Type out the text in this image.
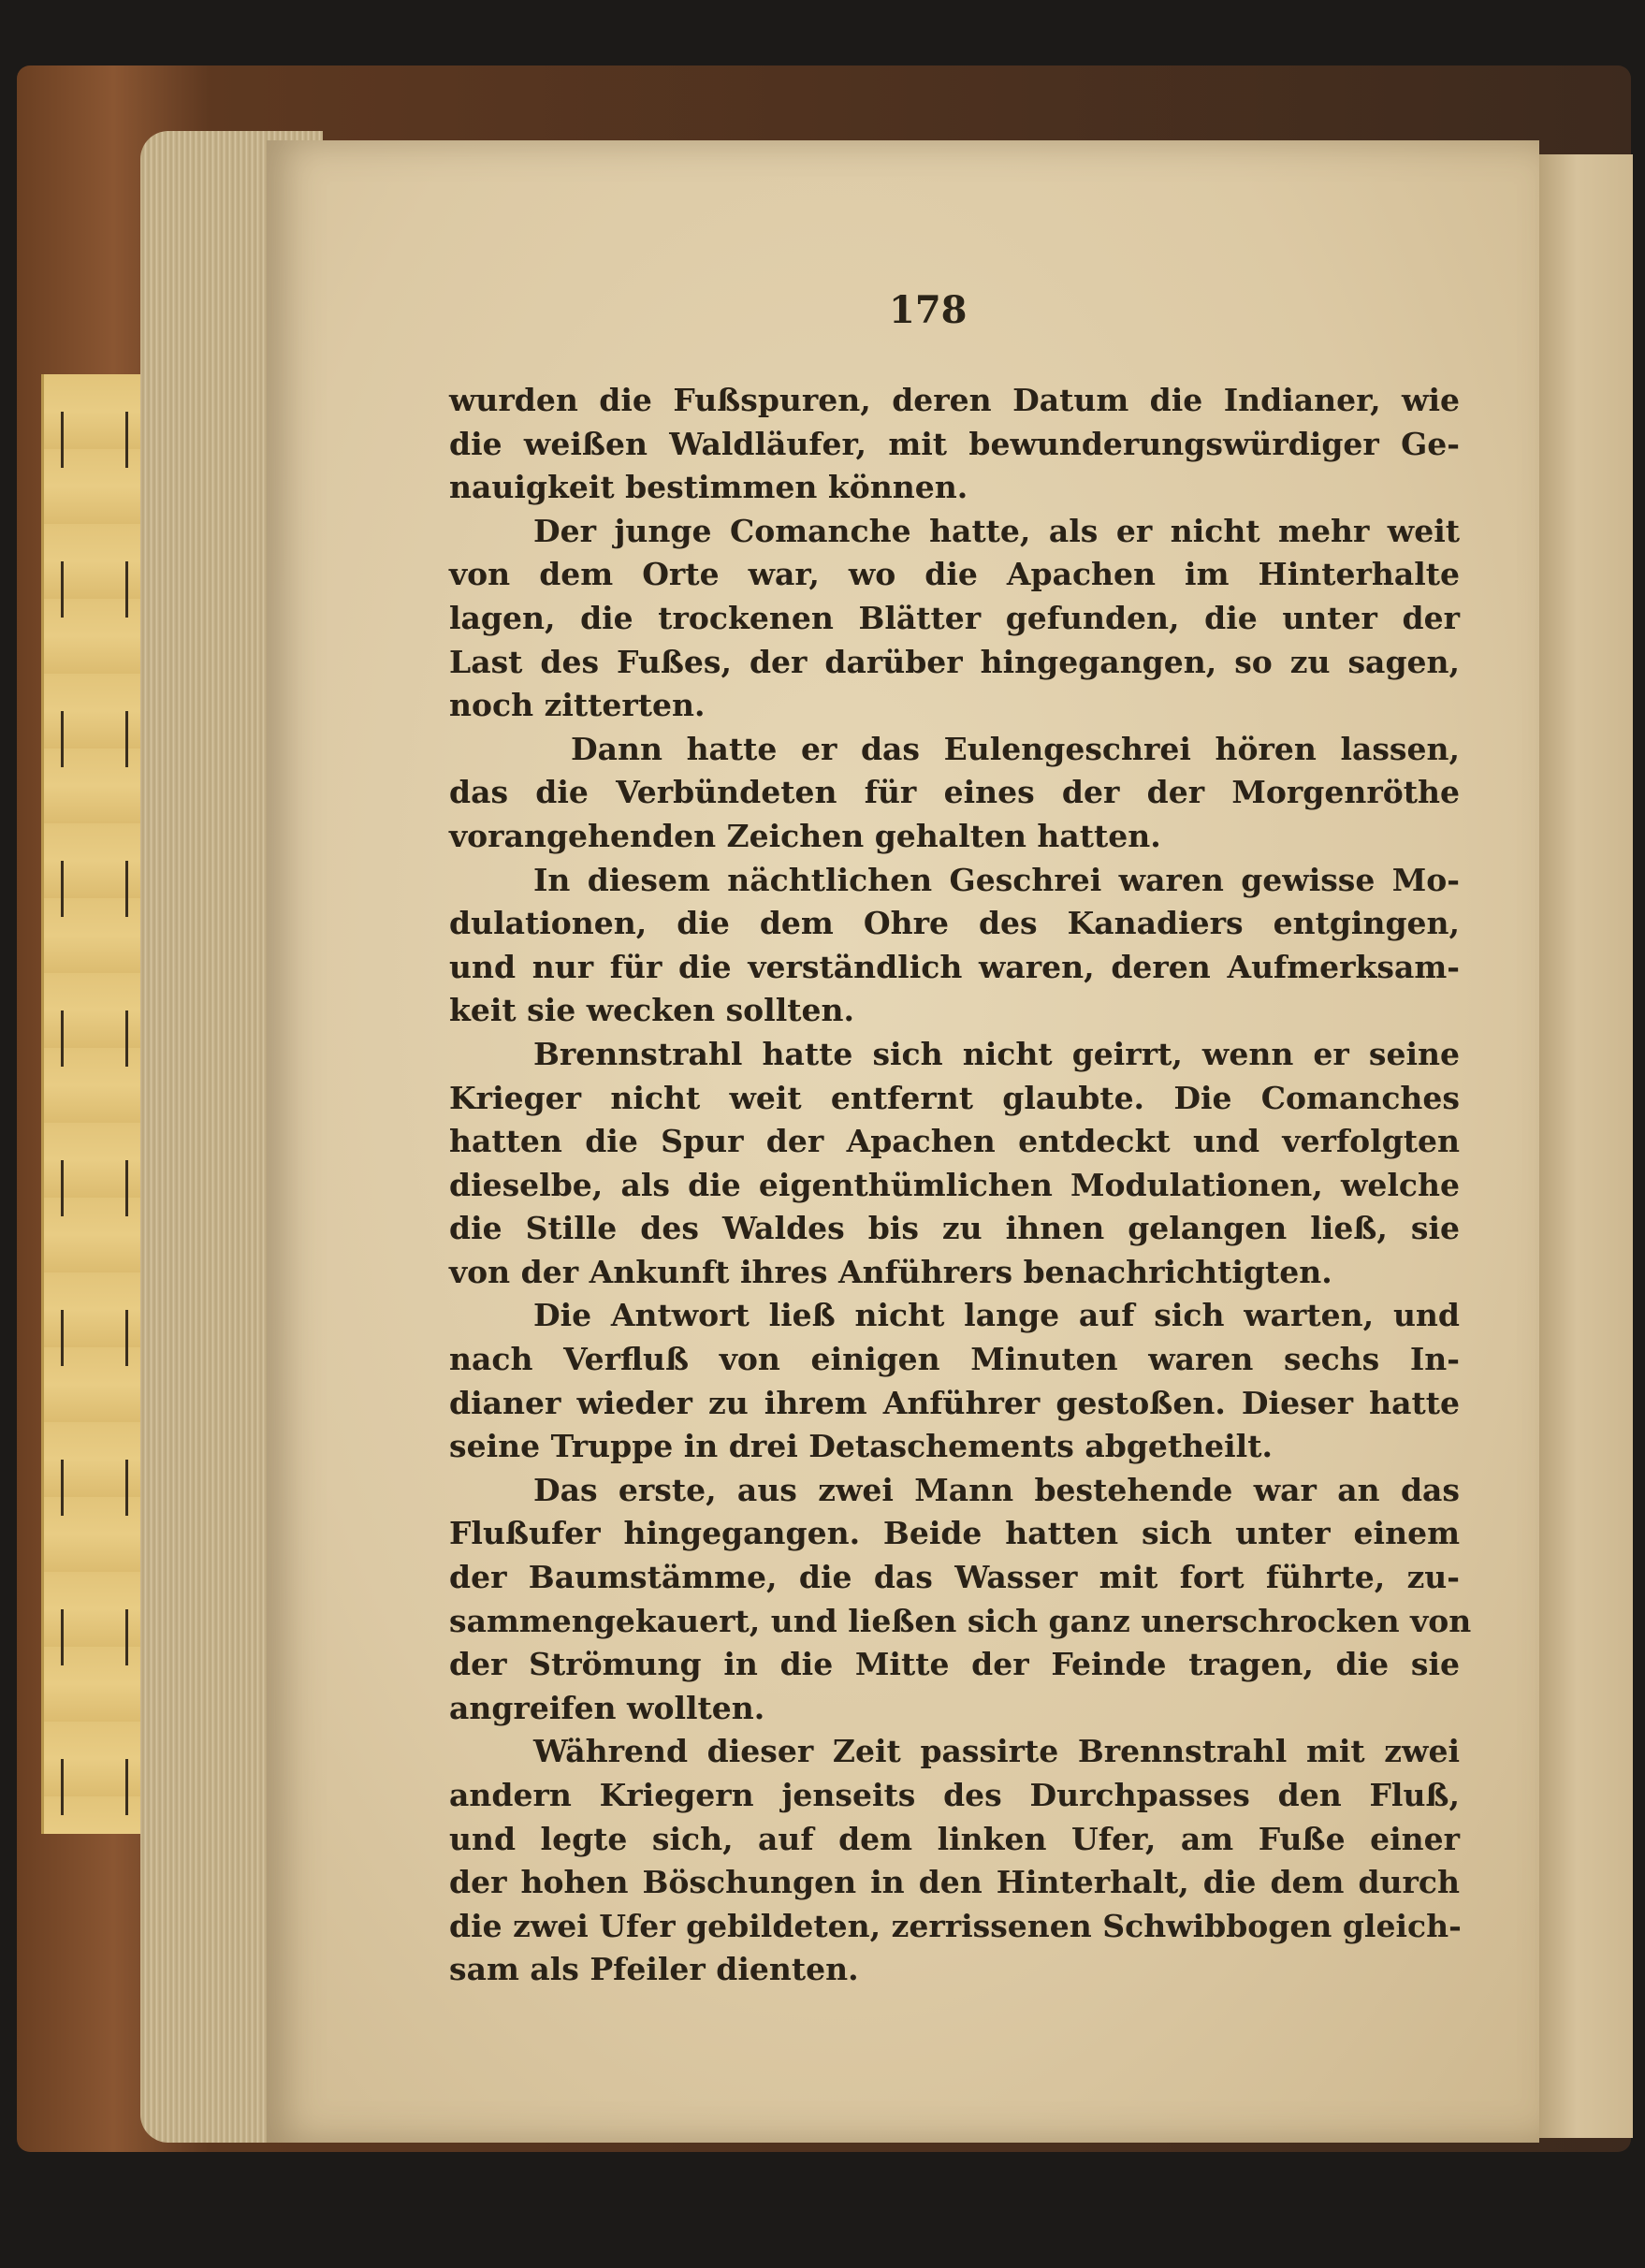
178
wurden die Fußspuren, deren Datum die Indianer, wie
die weißen Waldläufer, mit bewunderungswürdiger Ge-
nauigkeit bestimmen können.
Der junge Comanche hatte, als er nicht mehr weit
von dem Orte war, wo die Apachen im Hinterhalte
lagen, die trockenen Blätter gefunden, die unter der
Last des Fußes, der darüber hingegangen, so zu sagen,
noch zitterten.
Dann hatte er das Eulengeschrei hören lassen,
das die Verbündeten für eines der der Morgenröthe
vorangehenden Zeichen gehalten hatten.
In diesem nächtlichen Geschrei waren gewisse Mo-
dulationen, die dem Ohre des Kanadiers entgingen,
und nur für die verständlich waren, deren Aufmerksam-
keit sie wecken sollten.
Brennstrahl hatte sich nicht geirrt, wenn er seine
Krieger nicht weit entfernt glaubte. Die Comanches
hatten die Spur der Apachen entdeckt und verfolgten
dieselbe, als die eigenthümlichen Modulationen, welche
die Stille des Waldes bis zu ihnen gelangen ließ, sie
von der Ankunft ihres Anführers benachrichtigten.
Die Antwort ließ nicht lange auf sich warten, und
nach Verfluß von einigen Minuten waren sechs In-
dianer wieder zu ihrem Anführer gestoßen. Dieser hatte
seine Truppe in drei Detaschements abgetheilt.
Das erste, aus zwei Mann bestehende war an das
Flußufer hingegangen. Beide hatten sich unter einem
der Baumstämme, die das Wasser mit fort führte, zu-
sammengekauert, und ließen sich ganz unerschrocken von
der Strömung in die Mitte der Feinde tragen, die sie
angreifen wollten.
Während dieser Zeit passirte Brennstrahl mit zwei
andern Kriegern jenseits des Durchpasses den Fluß,
und legte sich, auf dem linken Ufer, am Fuße einer
der hohen Böschungen in den Hinterhalt, die dem durch
die zwei Ufer gebildeten, zerrissenen Schwibbogen gleich-
sam als Pfeiler dienten.
